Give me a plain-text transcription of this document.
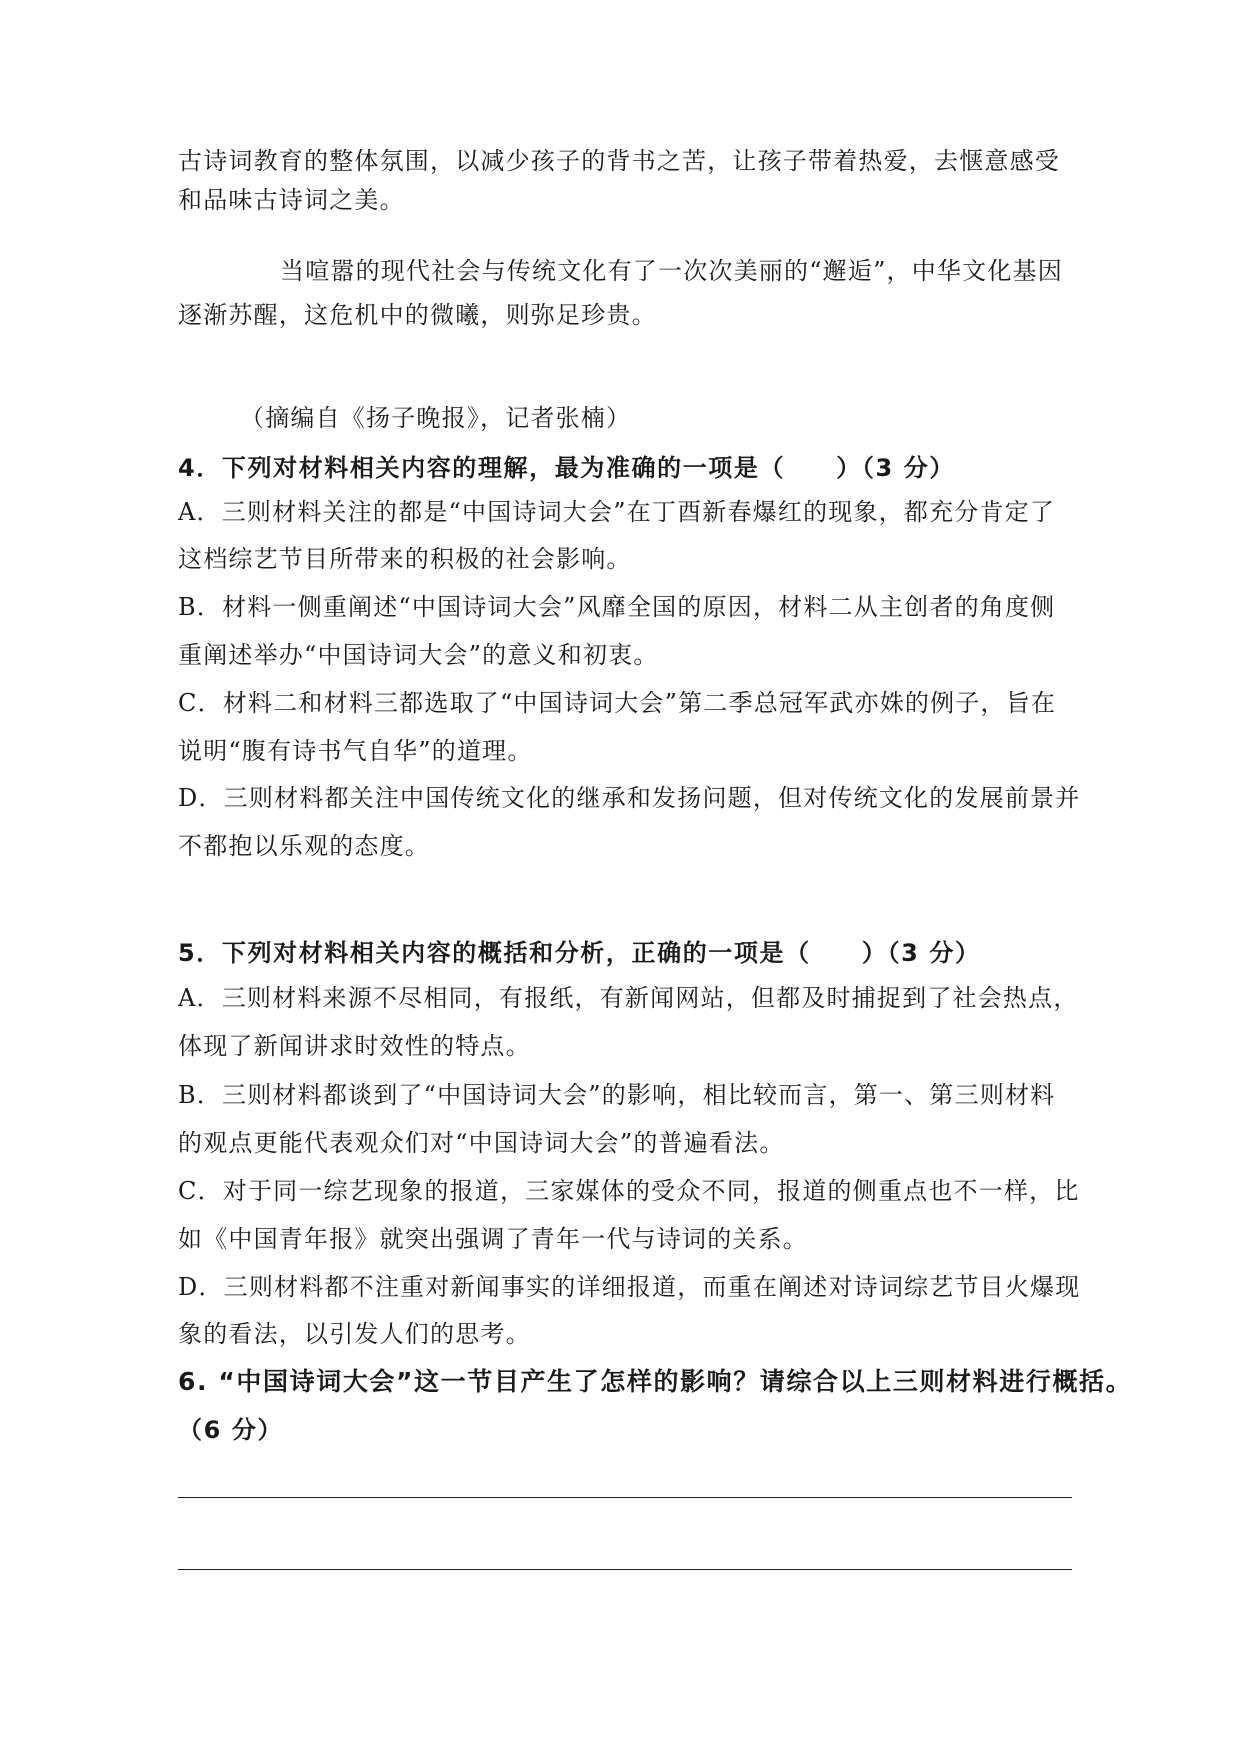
古诗词教育的整体氛围，以减少孩子的背书之苦，让孩子带着热爱，去惬意感受
和品味古诗词之美。
当喧嚣的现代社会与传统文化有了一次次美丽的“邂逅”，中华文化基因
逐渐苏醒，这危机中的微曦，则弥足珍贵。
（摘编自《扬子晚报》，记者张楠）
4．下列对材料相关内容的理解，最为准确的一项是（　　）（3 分）
A．三则材料关注的都是“中国诗词大会”在丁酉新春爆红的现象，都充分肯定了
这档综艺节目所带来的积极的社会影响。
B．材料一侧重阐述“中国诗词大会”风靡全国的原因，材料二从主创者的角度侧
重阐述举办“中国诗词大会”的意义和初衷。
C．材料二和材料三都选取了“中国诗词大会”第二季总冠军武亦姝的例子，旨在
说明“腹有诗书气自华”的道理。
D．三则材料都关注中国传统文化的继承和发扬问题，但对传统文化的发展前景并
不都抱以乐观的态度。
5．下列对材料相关内容的概括和分析，正确的一项是（　　）（3 分）
A．三则材料来源不尽相同，有报纸，有新闻网站，但都及时捕捉到了社会热点，
体现了新闻讲求时效性的特点。
B．三则材料都谈到了“中国诗词大会”的影响，相比较而言，第一、第三则材料
的观点更能代表观众们对“中国诗词大会”的普遍看法。
C．对于同一综艺现象的报道，三家媒体的受众不同，报道的侧重点也不一样，比
如《中国青年报》就突出强调了青年一代与诗词的关系。
D．三则材料都不注重对新闻事实的详细报道，而重在阐述对诗词综艺节目火爆现
象的看法，以引发人们的思考。
6. “中国诗词大会”这一节目产生了怎样的影响？请综合以上三则材料进行概括。
（6 分）
